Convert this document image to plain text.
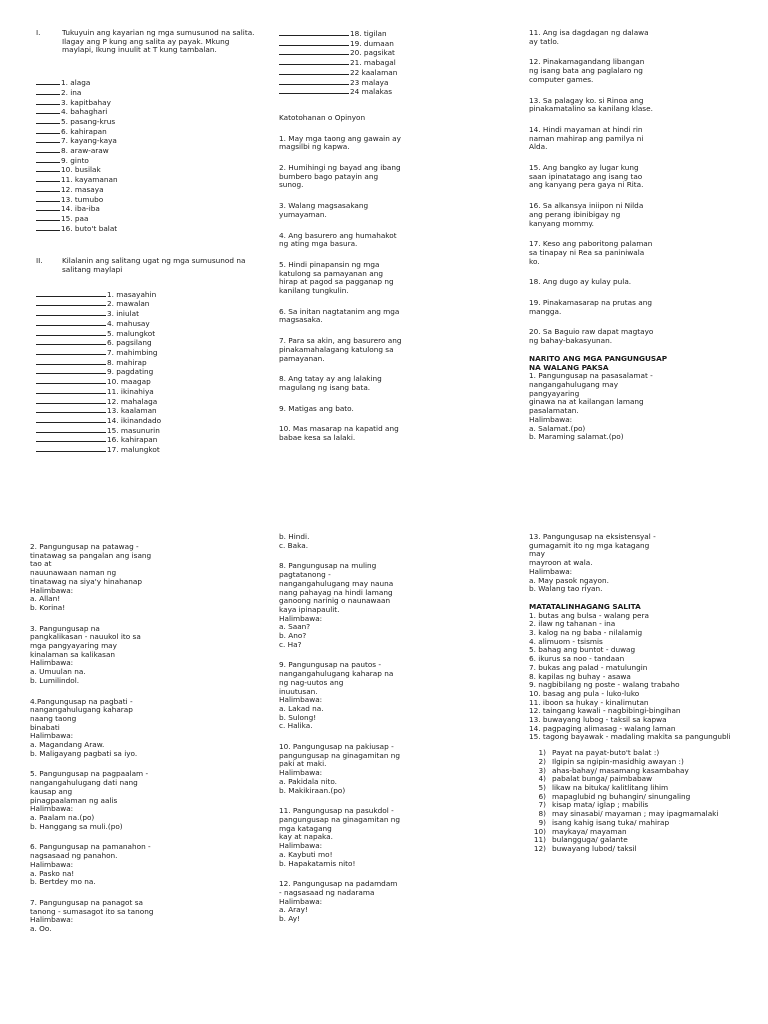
I.	Tukuyuin ang kayarian ng mga sumusunod na salita.
Ilagay ang P kung ang salita ay payak. Mkung
maylapi, Ikung inuulit at T kung tambalan.
1. alaga
2. ina
3. kapitbahay
4. bahaghari
5. pasang-krus
6. kahirapan
7. kayang-kaya
8. araw-araw
9. ginto
10. busilak
11. kayamanan
12. masaya
13. tumubo
14. iba-iba
15. paa
16. buto't balat
II.	Kilalanin ang salitang ugat ng mga sumusunod na
salitang maylapi
1. masayahin
2. mawalan
3. iniulat
4. mahusay
5. malungkot
6. pagsilang
7. mahimbing
8. mahirap
9. pagdating
10. maagap
11. ikinahiya
12. mahalaga
13. kaalaman
14. ikinandado
15. masunurin
16. kahirapan
17. malungkot
18. tigilan
19. dumaan
20. pagsikat
21. mabagal
22 kaalaman
23 malaya
24 malakas
Katotohanan o Opinyon
1. May mga taong ang gawain ay
magsilbi ng kapwa.
2. Humihingi ng bayad ang ibang
bumbero bago patayin ang
sunog.
3. Walang magsasakang
yumayaman.
4. Ang basurero ang humahakot
ng ating mga basura.
5. Hindi pinapansin ng mga
katulong sa pamayanan ang
hirap at pagod sa pagganap ng
kanilang tungkulin.
6. Sa initan nagtatanim ang mga
magsasaka.
7. Para sa akin, ang basurero ang
pinakamahalagang katulong sa
pamayanan.
8. Ang tatay ay ang lalaking
magulang ng isang bata.
9. Matigas ang bato.
10. Mas masarap na kapatid ang
babae kesa sa lalaki.
11. Ang isa dagdagan ng dalawa
ay tatlo.
12. Pinakamagandang libangan
ng isang bata ang paglalaro ng
computer games.
13. Sa palagay ko. si Rinoa ang
pinakamatalino sa kanilang klase.
14. Hindi mayaman at hindi rin
naman mahirap ang pamilya ni
Alda.
15. Ang bangko ay lugar kung
saan ipinatatago ang isang tao
ang kanyang pera gaya ni Rita.
16. Sa alkansya iniipon ni Nilda
ang perang ibinibigay ng
kanyang mommy.
17. Keso ang paboritong palaman
sa tinapay ni Rea sa paniniwala
ko.
18. Ang dugo ay kulay pula.
19. Pinakamasarap na prutas ang
mangga.
20. Sa Baguio raw dapat magtayo
ng bahay-bakasyunan.
NARITO ANG MGA PANGUNGUSAP
NA WALANG PAKSA
1. Pangungusap na pasasalamat -
nangangahulugang may
pangyayaring
ginawa na at kailangan lamang
pasalamatan.
Halimbawa:
a. Salamat.(po)
b. Maraming salamat.(po)
2. Pangungusap na patawag -
tinatawag sa pangalan ang isang
tao at
nauunawaan naman ng
tinatawag na siya'y hinahanap
Halimbawa:
a. Allan!
b. Korina!
3. Pangungusap na
pangkalikasan - nauukol ito sa
mga pangyayaring may
kinalaman sa kalikasan
Halimbawa:
a. Umuulan na.
b. Lumilindol.
4.Pangungusap na pagbati -
nangangahulugang kaharap
naang taong
binabati
Halimbawa:
a. Magandang Araw.
b. Maligayang pagbati sa iyo.
5. Pangungusap na pagpaalam -
nangangahulugang dati nang
kausap ang
pinagpaalaman ng aalis
Halimbawa:
a. Paalam na.(po)
b. Hanggang sa muli.(po)
6. Pangungusap na pamanahon -
nagsasaad ng panahon.
Halimbawa:
a. Pasko na!
b. Bertdey mo na.
7. Pangungusap na panagot sa
tanong - sumasagot ito sa tanong
Halimbawa:
a. Oo.
b. Hindi.
c. Baka.
8. Pangungusap na muling
pagtatanong -
nangangahulugang may nauna
nang pahayag na hindi lamang
ganoong narinig o naunawaan
kaya ipinapaulit.
Halimbawa:
a. Saan?
b. Ano?
c. Ha?
9. Pangungusap na pautos -
nangangahulugang kaharap na
ng nag-uutos ang
inuutusan.
Halimbawa:
a. Lakad na.
b. Sulong!
c. Halika.
10. Pangungusap na pakiusap -
pangungusap na ginagamitan ng
paki at maki.
Halimbawa:
a. Pakidala nito.
b. Makikiraan.(po)
11. Pangungusap na pasukdol -
pangungusap na ginagamitan ng
mga katagang
kay at napaka.
Halimbawa:
a. Kaybuti mo!
b. Hapakatamis nito!
12. Pangungusap na padamdam
- nagsasaad ng nadarama
Halimbawa:
a. Aray!
b. Ay!
13. Pangungusap na eksistensyal -
gumagamit ito ng mga katagang
may
mayroon at wala.
Halimbawa:
a. May pasok ngayon.
b. Walang tao riyan.
MATATALINHAGANG SALITA
1. butas ang bulsa - walang pera
2. ilaw ng tahanan - ina
3. kalog na ng baba - nilalamig
4. alimuom - tsismis
5. bahag ang buntot - duwag
6. ikurus sa noo - tandaan
7. bukas ang palad - matulungin
8. kapilas ng buhay - asawa
9. nagbibilang ng poste - walang trabaho
10. basag ang pula - luko-luko
11. iboon sa hukay - kinalimutan
12. taingang kawali - nagbibingi-bingihan
13. buwayang lubog - taksil sa kapwa
14. pagpaging alimasag - walang laman
15. tagong bayawak - madaling makita sa pangungubli
1) Payat na payat-buto't balat :)
2) Ilgipin sa ngipin-masidhig awayan :)
3) ahas-bahay/ masamang kasambahay
4) pabalat bunga/ paimbabaw
5) likaw na bituka/ kalitlitang lihim
6) mapaglubid ng buhangin/ sinungaling
7) kisap mata/ iglap ; mabilis
8) may sinasabi/ mayaman ; may ipagmamalaki
9) isang kahig isang tuka/ mahirap
10) maykaya/ mayaman
11) bulangguga/ galante
12) buwayang lubod/ taksil
